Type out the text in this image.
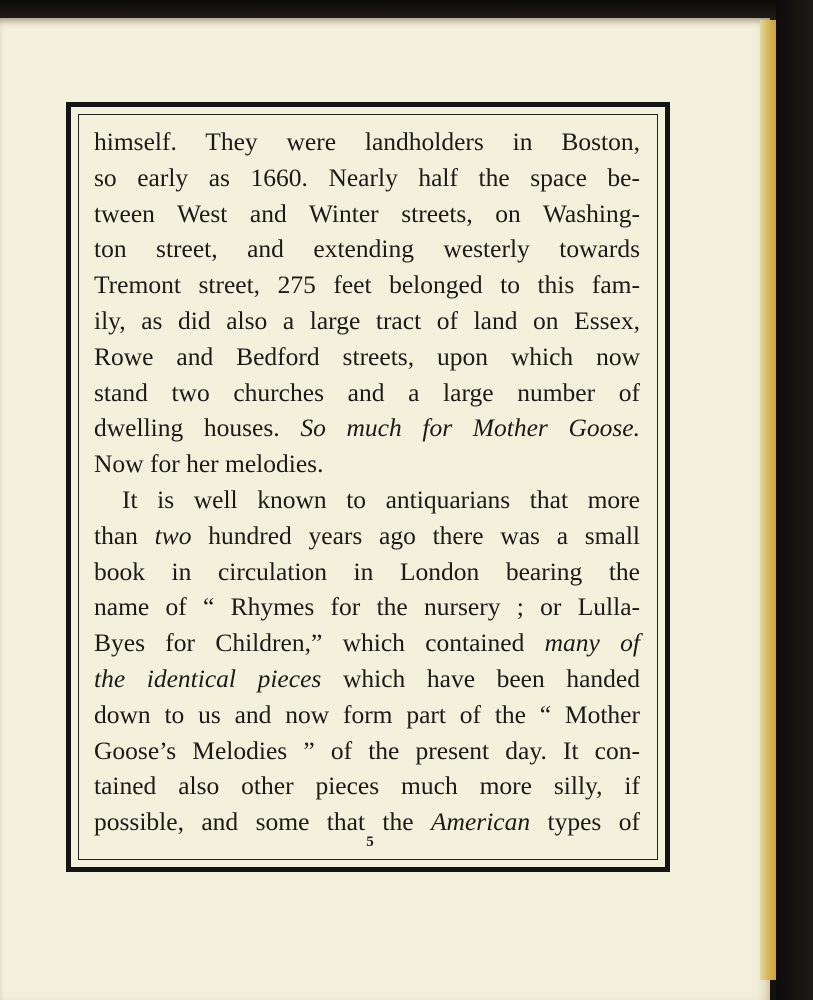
himself. They were landholders in Boston,
so early as 1660. Nearly half the space be-
tween West and Winter streets, on Washing-
ton street, and extending westerly towards
Tremont street, 275 feet belonged to this fam-
ily, as did also a large tract of land on Essex,
Rowe and Bedford streets, upon which now
stand two churches and a large number of
dwelling houses. So much for Mother Goose.
Now for her melodies.
It is well known to antiquarians that more
than two hundred years ago there was a small
book in circulation in London bearing the
name of “ Rhymes for the nursery ; or Lulla-
Byes for Children,” which contained many of
the identical pieces which have been handed
down to us and now form part of the “ Mother
Goose’s Melodies ” of the present day. It con-
tained also other pieces much more silly, if
possible, and some that the American types of
5
